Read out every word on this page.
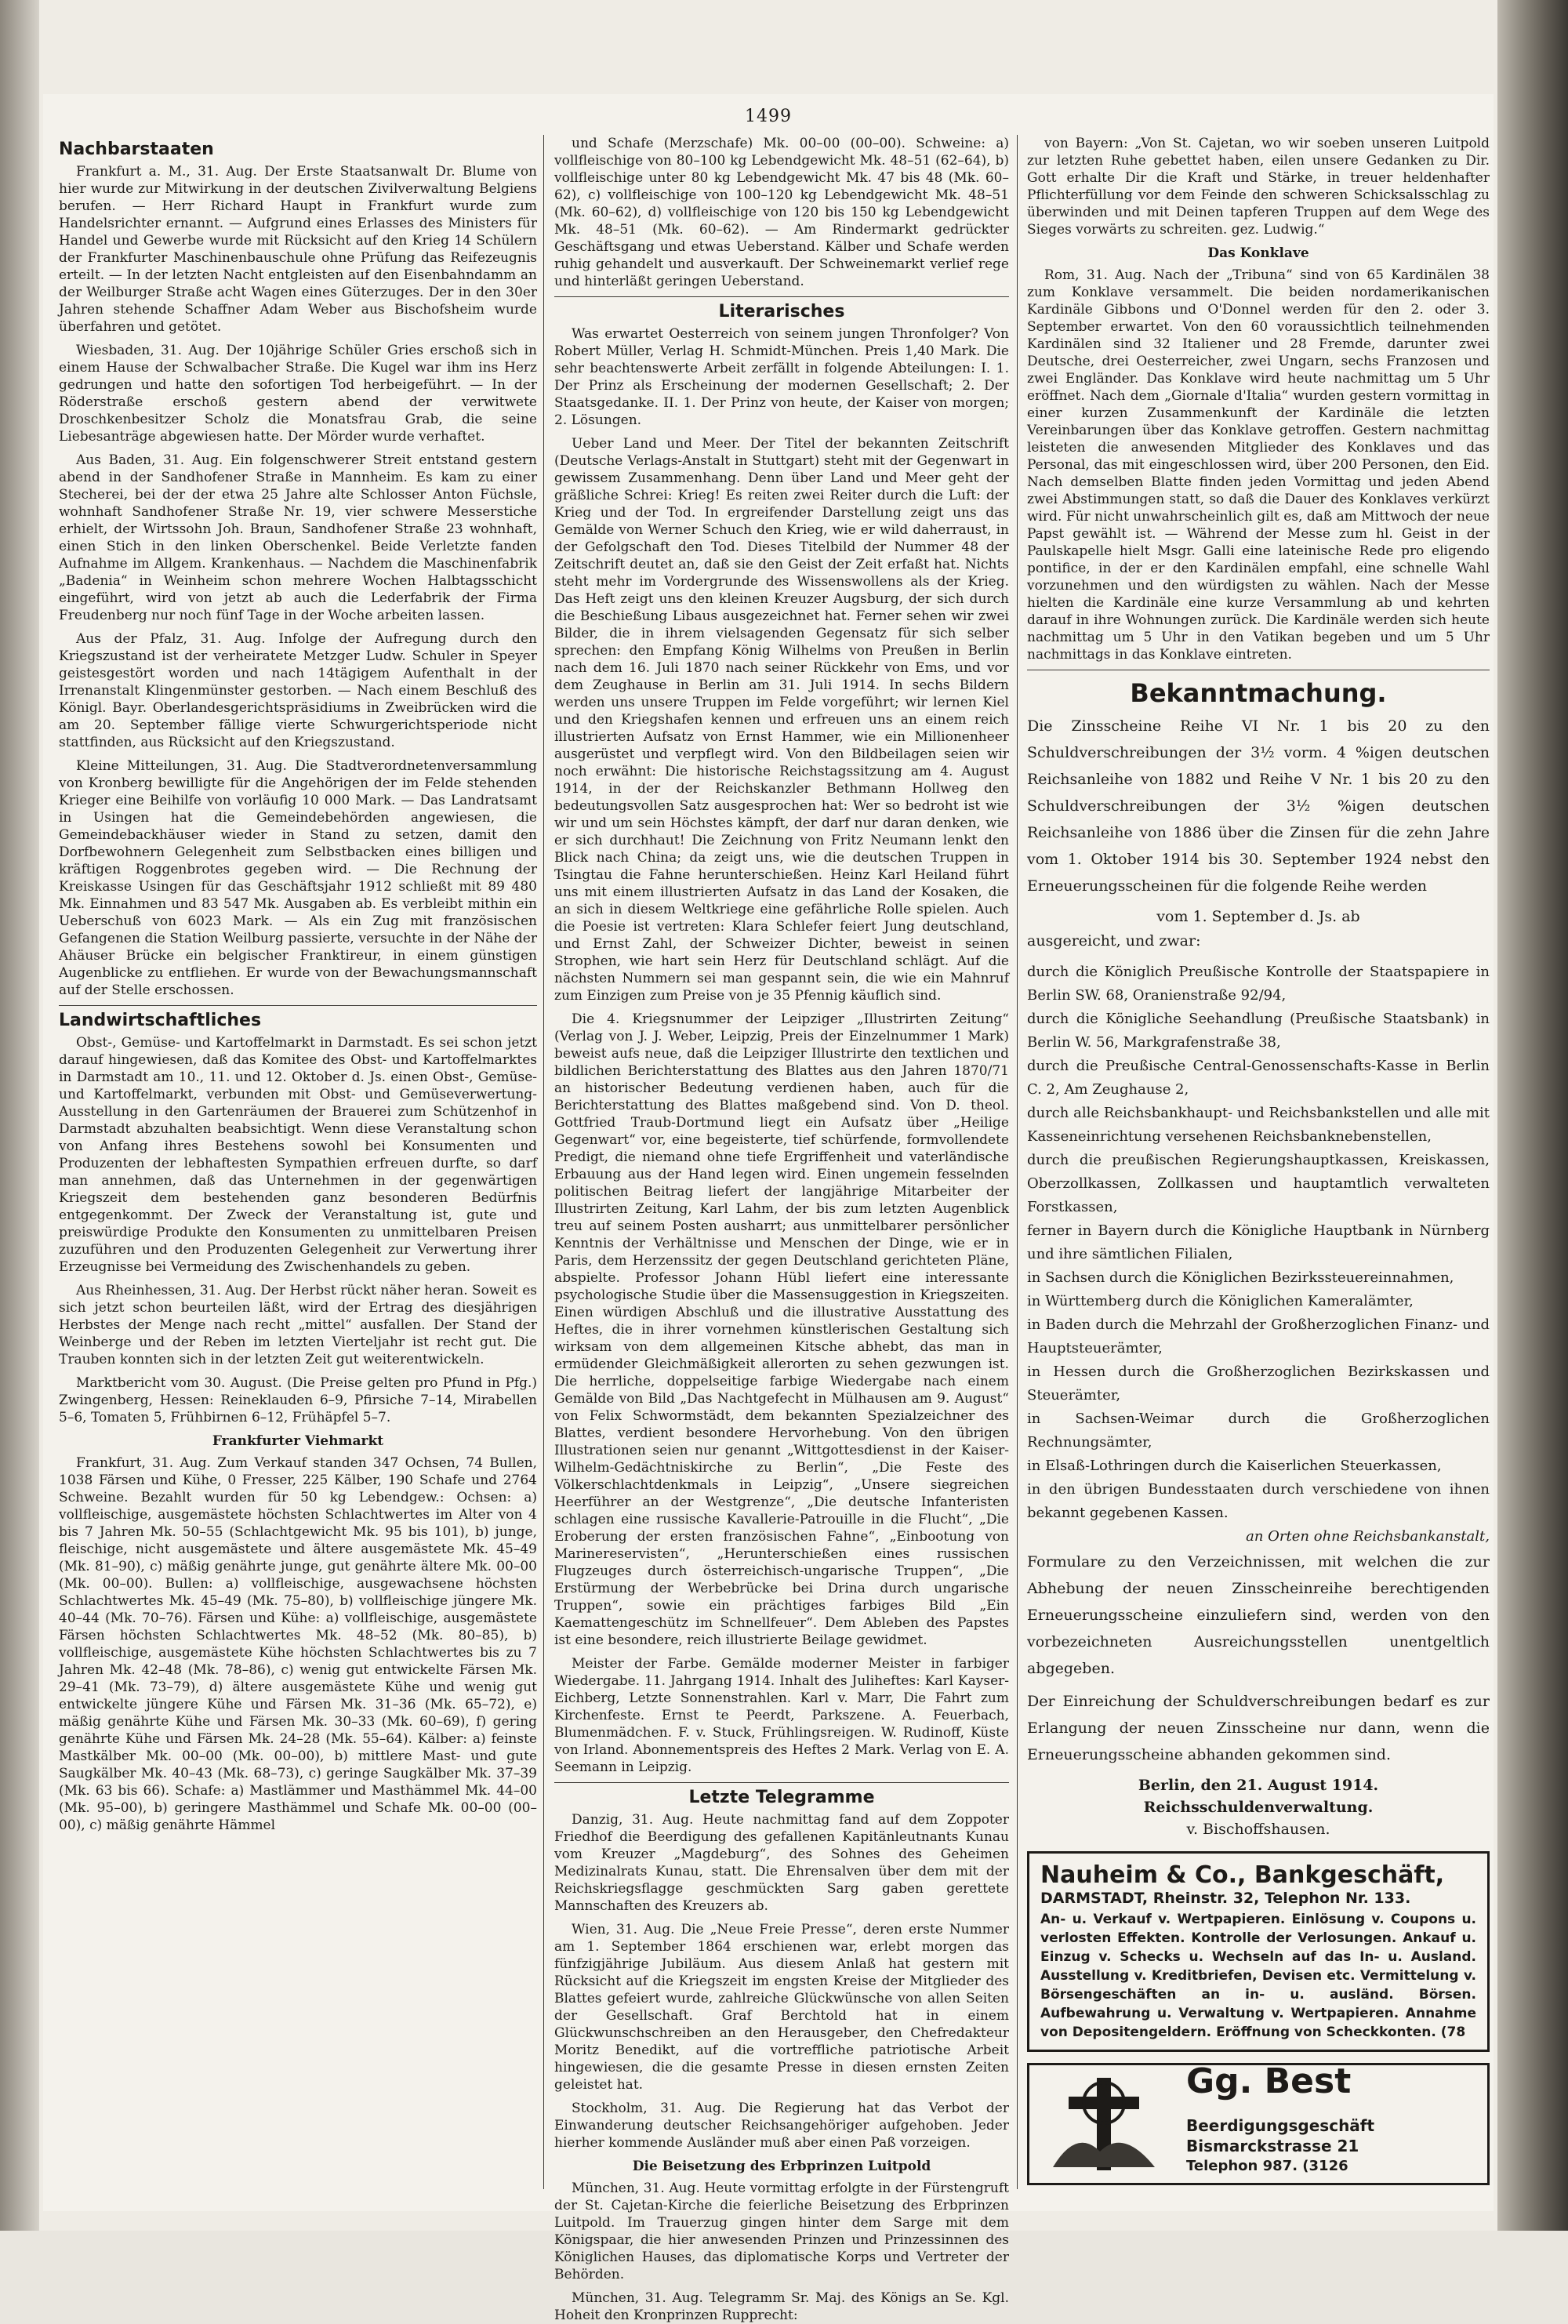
1499
Nachbarstaaten

Frankfurt a. M., 31. Aug. Der Erste Staatsanwalt Dr. Blume von hier wurde zur Mitwirkung in der deutschen Zivilverwaltung Belgiens berufen. — Herr Richard Haupt in Frankfurt wurde zum Handelsrichter ernannt. — Aufgrund eines Erlasses des Ministers für Handel und Gewerbe wurde mit Rücksicht auf den Krieg 14 Schülern der Frankfurter Maschinenbauschule ohne Prüfung das Reifezeugnis erteilt. — In der letzten Nacht entgleisten auf den Eisenbahndamm an der Weilburger Straße acht Wagen eines Güterzuges. Der in den 30er Jahren stehende Schaffner Adam Weber aus Bischofsheim wurde überfahren und getötet.

Wiesbaden, 31. Aug. Der 10jährige Schüler Gries erschoß sich in einem Hause der Schwalbacher Straße. Die Kugel war ihm ins Herz gedrungen und hatte den sofortigen Tod herbeigeführt. — In der Röderstraße erschoß gestern abend der verwitwete Droschkenbesitzer Scholz die Monatsfrau Grab, die seine Liebesanträge abgewiesen hatte. Der Mörder wurde verhaftet.

Aus Baden, 31. Aug. Ein folgenschwerer Streit entstand gestern abend in der Sandhofener Straße in Mannheim. Es kam zu einer Stecherei, bei der der etwa 25 Jahre alte Schlosser Anton Füchsle, wohnhaft Sandhofener Straße Nr. 19, vier schwere Messerstiche erhielt, der Wirtssohn Joh. Braun, Sandhofener Straße 23 wohnhaft, einen Stich in den linken Oberschenkel. Beide Verletzte fanden Aufnahme im Allgem. Krankenhaus. — Nachdem die Maschinenfabrik „Badenia“ in Weinheim schon mehrere Wochen Halbtagsschicht eingeführt, wird von jetzt ab auch die Lederfabrik der Firma Freudenberg nur noch fünf Tage in der Woche arbeiten lassen.

Aus der Pfalz, 31. Aug. Infolge der Aufregung durch den Kriegszustand ist der verheiratete Metzger Ludw. Schuler in Speyer geistesgestört worden und nach 14tägigem Aufenthalt in der Irrenanstalt Klingenmünster gestorben. — Nach einem Beschluß des Königl. Bayr. Oberlandesgerichtspräsidiums in Zweibrücken wird die am 20. September fällige vierte Schwurgerichtsperiode nicht stattfinden, aus Rücksicht auf den Kriegszustand.

Kleine Mitteilungen, 31. Aug. Die Stadtverordnetenversammlung von Kronberg bewilligte für die Angehörigen der im Felde stehenden Krieger eine Beihilfe von vorläufig 10 000 Mark. — Das Landratsamt in Usingen hat die Gemeindebehörden angewiesen, die Gemeindebackhäuser wieder in Stand zu setzen, damit den Dorfbewohnern Gelegenheit zum Selbstbacken eines billigen und kräftigen Roggenbrotes gegeben wird. — Die Rechnung der Kreiskasse Usingen für das Geschäftsjahr 1912 schließt mit 89 480 Mk. Einnahmen und 83 547 Mk. Ausgaben ab. Es verbleibt mithin ein Ueberschuß von 6023 Mark. — Als ein Zug mit französischen Gefangenen die Station Weilburg passierte, versuchte in der Nähe der Ahäuser Brücke ein belgischer Franktireur, in einem günstigen Augenblicke zu entfliehen. Er wurde von der Bewachungsmannschaft auf der Stelle erschossen.

Landwirtschaftliches

Obst-, Gemüse- und Kartoffelmarkt in Darmstadt. Es sei schon jetzt darauf hingewiesen, daß das Komitee des Obst- und Kartoffelmarktes in Darmstadt am 10., 11. und 12. Oktober d. Js. einen Obst-, Gemüse- und Kartoffelmarkt, verbunden mit Obst- und Gemüseverwertung-Ausstellung in den Gartenräumen der Brauerei zum Schützenhof in Darmstadt abzuhalten beabsichtigt. Wenn diese Veranstaltung schon von Anfang ihres Bestehens sowohl bei Konsumenten und Produzenten der lebhaftesten Sympathien erfreuen durfte, so darf man annehmen, daß das Unternehmen in der gegenwärtigen Kriegszeit dem bestehenden ganz besonderen Bedürfnis entgegenkommt. Der Zweck der Veranstaltung ist, gute und preiswürdige Produkte den Konsumenten zu unmittelbaren Preisen zuzuführen und den Produzenten Gelegenheit zur Verwertung ihrer Erzeugnisse bei Vermeidung des Zwischenhandels zu geben.

Aus Rheinhessen, 31. Aug. Der Herbst rückt näher heran. Soweit es sich jetzt schon beurteilen läßt, wird der Ertrag des diesjährigen Herbstes der Menge nach recht „mittel“ ausfallen. Der Stand der Weinberge und der Reben im letzten Vierteljahr ist recht gut. Die Trauben konnten sich in der letzten Zeit gut weiterentwickeln.

Marktbericht vom 30. August. (Die Preise gelten pro Pfund in Pfg.) Zwingenberg, Hessen: Reineklauden 6–9, Pfirsiche 7–14, Mirabellen 5–6, Tomaten 5, Frühbirnen 6–12, Frühäpfel 5–7.

Frankfurter Viehmarkt

Frankfurt, 31. Aug. Zum Verkauf standen 347 Ochsen, 74 Bullen, 1038 Färsen und Kühe, 0 Fresser, 225 Kälber, 190 Schafe und 2764 Schweine. Bezahlt wurden für 50 kg Lebendgew.: Ochsen: a) vollfleischige, ausgemästete höchsten Schlachtwertes im Alter von 4 bis 7 Jahren Mk. 50–55 (Schlachtgewicht Mk. 95 bis 101), b) junge, fleischige, nicht ausgemästete und ältere ausgemästete Mk. 45–49 (Mk. 81–90), c) mäßig genährte junge, gut genährte ältere Mk. 00–00 (Mk. 00–00). Bullen: a) vollfleischige, ausgewachsene höchsten Schlachtwertes Mk. 45–49 (Mk. 75–80), b) vollfleischige jüngere Mk. 40–44 (Mk. 70–76). Färsen und Kühe: a) vollfleischige, ausgemästete Färsen höchsten Schlachtwertes Mk. 48–52 (Mk. 80–85), b) vollfleischige, ausgemästete Kühe höchsten Schlachtwertes bis zu 7 Jahren Mk. 42–48 (Mk. 78–86), c) wenig gut entwickelte Färsen Mk. 29–41 (Mk. 73–79), d) ältere ausgemästete Kühe und wenig gut entwickelte jüngere Kühe und Färsen Mk. 31–36 (Mk. 65–72), e) mäßig genährte Kühe und Färsen Mk. 30–33 (Mk. 60–69), f) gering genährte Kühe und Färsen Mk. 24–28 (Mk. 55–64). Kälber: a) feinste Mastkälber Mk. 00–00 (Mk. 00–00), b) mittlere Mast- und gute Saugkälber Mk. 40–43 (Mk. 68–73), c) geringe Saugkälber Mk. 37–39 (Mk. 63 bis 66). Schafe: a) Mastlämmer und Masthämmel Mk. 44–00 (Mk. 95–00), b) geringere Masthämmel und Schafe Mk. 00–00 (00–00), c) mäßig genährte Hämmel

und Schafe (Merzschafe) Mk. 00–00 (00–00). Schweine: a) vollfleischige von 80–100 kg Lebendgewicht Mk. 48–51 (62–64), b) vollfleischige unter 80 kg Lebendgewicht Mk. 47 bis 48 (Mk. 60–62), c) vollfleischige von 100–120 kg Lebendgewicht Mk. 48–51 (Mk. 60–62), d) vollfleischige von 120 bis 150 kg Lebendgewicht Mk. 48–51 (Mk. 60–62). — Am Rindermarkt gedrückter Geschäftsgang und etwas Ueberstand. Kälber und Schafe werden ruhig gehandelt und ausverkauft. Der Schweinemarkt verlief rege und hinterläßt geringen Ueberstand.

Literarisches

Was erwartet Oesterreich von seinem jungen Thronfolger? Von Robert Müller, Verlag H. Schmidt-München. Preis 1,40 Mark. Die sehr beachtenswerte Arbeit zerfällt in folgende Abteilungen: I. 1. Der Prinz als Erscheinung der modernen Gesellschaft; 2. Der Staatsgedanke. II. 1. Der Prinz von heute, der Kaiser von morgen; 2. Lösungen.

Ueber Land und Meer. Der Titel der bekannten Zeitschrift (Deutsche Verlags-Anstalt in Stuttgart) steht mit der Gegenwart in gewissem Zusammenhang. Denn über Land und Meer geht der gräßliche Schrei: Krieg! Es reiten zwei Reiter durch die Luft: der Krieg und der Tod. In ergreifender Darstellung zeigt uns das Gemälde von Werner Schuch den Krieg, wie er wild daherraust, in der Gefolgschaft den Tod. Dieses Titelbild der Nummer 48 der Zeitschrift deutet an, daß sie den Geist der Zeit erfaßt hat. Nichts steht mehr im Vordergrunde des Wissenswollens als der Krieg. Das Heft zeigt uns den kleinen Kreuzer Augsburg, der sich durch die Beschießung Libaus ausgezeichnet hat. Ferner sehen wir zwei Bilder, die in ihrem vielsagenden Gegensatz für sich selber sprechen: den Empfang König Wilhelms von Preußen in Berlin nach dem 16. Juli 1870 nach seiner Rückkehr von Ems, und vor dem Zeughause in Berlin am 31. Juli 1914. In sechs Bildern werden uns unsere Truppen im Felde vorgeführt; wir lernen Kiel und den Kriegshafen kennen und erfreuen uns an einem reich illustrierten Aufsatz von Ernst Hammer, wie ein Millionenheer ausgerüstet und verpflegt wird. Von den Bildbeilagen seien wir noch erwähnt: Die historische Reichstagssitzung am 4. August 1914, in der der Reichskanzler Bethmann Hollweg den bedeutungsvollen Satz ausgesprochen hat: Wer so bedroht ist wie wir und um sein Höchstes kämpft, der darf nur daran denken, wie er sich durchhaut! Die Zeichnung von Fritz Neumann lenkt den Blick nach China; da zeigt uns, wie die deutschen Truppen in Tsingtau die Fahne herunterschießen. Heinz Karl Heiland führt uns mit einem illustrierten Aufsatz in das Land der Kosaken, die an sich in diesem Weltkriege eine gefährliche Rolle spielen. Auch die Poesie ist vertreten: Klara Schlefer feiert Jung deutschland, und Ernst Zahl, der Schweizer Dichter, beweist in seinen Strophen, wie hart sein Herz für Deutschland schlägt. Auf die nächsten Nummern sei man gespannt sein, die wie ein Mahnruf zum Einzigen zum Preise von je 35 Pfennig käuflich sind.

Die 4. Kriegsnummer der Leipziger „Illustrirten Zeitung“ (Verlag von J. J. Weber, Leipzig, Preis der Einzelnummer 1 Mark) beweist aufs neue, daß die Leipziger Illustrirte den textlichen und bildlichen Berichterstattung des Blattes aus den Jahren 1870/71 an historischer Bedeutung verdienen haben, auch für die Berichterstattung des Blattes maßgebend sind. Von D. theol. Gottfried Traub-Dortmund liegt ein Aufsatz über „Heilige Gegenwart“ vor, eine begeisterte, tief schürfende, formvollendete Predigt, die niemand ohne tiefe Ergriffenheit und vaterländische Erbauung aus der Hand legen wird. Einen ungemein fesselnden politischen Beitrag liefert der langjährige Mitarbeiter der Illustrirten Zeitung, Karl Lahm, der bis zum letzten Augenblick treu auf seinem Posten ausharrt; aus unmittelbarer persönlicher Kenntnis der Verhältnisse und Menschen der Dinge, wie er in Paris, dem Herzenssitz der gegen Deutschland gerichteten Pläne, abspielte. Professor Johann Hübl liefert eine interessante psychologische Studie über die Massensuggestion in Kriegszeiten. Einen würdigen Abschluß und die illustrative Ausstattung des Heftes, die in ihrer vornehmen künstlerischen Gestaltung sich wirksam von dem allgemeinen Kitsche abhebt, das man in ermüdender Gleichmäßigkeit allerorten zu sehen gezwungen ist. Die herrliche, doppelseitige farbige Wiedergabe nach einem Gemälde von Bild „Das Nachtgefecht in Mülhausen am 9. August“ von Felix Schwormstädt, dem bekannten Spezialzeichner des Blattes, verdient besondere Hervorhebung. Von den übrigen Illustrationen seien nur genannt „Wittgottesdienst in der Kaiser-Wilhelm-Gedächtniskirche zu Berlin“, „Die Feste des Völkerschlachtdenkmals in Leipzig“, „Unsere siegreichen Heerführer an der Westgrenze“, „Die deutsche Infanteristen schlagen eine russische Kavallerie-Patrouille in die Flucht“, „Die Eroberung der ersten französischen Fahne“, „Einbootung von Marinereservisten“, „Herunterschießen eines russischen Flugzeuges durch österreichisch-ungarische Truppen“, „Die Erstürmung der Werbebrücke bei Drina durch ungarische Truppen“, sowie ein prächtiges farbiges Bild „Ein Kaemattengeschütz im Schnellfeuer“. Dem Ableben des Papstes ist eine besondere, reich illustrierte Beilage gewidmet.

Meister der Farbe. Gemälde moderner Meister in farbiger Wiedergabe. 11. Jahrgang 1914. Inhalt des Juliheftes: Karl Kayser-Eichberg, Letzte Sonnenstrahlen. Karl v. Marr, Die Fahrt zum Kirchenfeste. Ernst te Peerdt, Parkszene. A. Feuerbach, Blumenmädchen. F. v. Stuck, Frühlingsreigen. W. Rudinoff, Küste von Irland. Abonnementspreis des Heftes 2 Mark. Verlag von E. A. Seemann in Leipzig.

Letzte Telegramme

Danzig, 31. Aug. Heute nachmittag fand auf dem Zoppoter Friedhof die Beerdigung des gefallenen Kapitänleutnants Kunau vom Kreuzer „Magdeburg“, des Sohnes des Geheimen Medizinalrats Kunau, statt. Die Ehrensalven über dem mit der Reichskriegsflagge geschmückten Sarg gaben gerettete Mannschaften des Kreuzers ab.

Wien, 31. Aug. Die „Neue Freie Presse“, deren erste Nummer am 1. September 1864 erschienen war, erlebt morgen das fünfzigjährige Jubiläum. Aus diesem Anlaß hat gestern mit Rücksicht auf die Kriegszeit im engsten Kreise der Mitglieder des Blattes gefeiert wurde, zahlreiche Glückwünsche von allen Seiten der Gesellschaft. Graf Berchtold hat in einem Glückwunschschreiben an den Herausgeber, den Chefredakteur Moritz Benedikt, auf die vortreffliche patriotische Arbeit hingewiesen, die die gesamte Presse in diesen ernsten Zeiten geleistet hat.

Stockholm, 31. Aug. Die Regierung hat das Verbot der Einwanderung deutscher Reichsangehöriger aufgehoben. Jeder hierher kommende Ausländer muß aber einen Paß vorzeigen.

Die Beisetzung des Erbprinzen Luitpold

München, 31. Aug. Heute vormittag erfolgte in der Fürstengruft der St. Cajetan-Kirche die feierliche Beisetzung des Erbprinzen Luitpold. Im Trauerzug gingen hinter dem Sarge mit dem Königspaar, die hier anwesenden Prinzen und Prinzessinnen des Königlichen Hauses, das diplomatische Korps und Vertreter der Behörden.

München, 31. Aug. Telegramm Sr. Maj. des Königs an Se. Kgl. Hoheit den Kronprinzen Rupprecht:

von Bayern: „Von St. Cajetan, wo wir soeben unseren Luitpold zur letzten Ruhe gebettet haben, eilen unsere Gedanken zu Dir. Gott erhalte Dir die Kraft und Stärke, in treuer heldenhafter Pflichterfüllung vor dem Feinde den schweren Schicksalsschlag zu überwinden und mit Deinen tapferen Truppen auf dem Wege des Sieges vorwärts zu schreiten. gez. Ludwig.“

Das Konklave

Rom, 31. Aug. Nach der „Tribuna“ sind von 65 Kardinälen 38 zum Konklave versammelt. Die beiden nordamerikanischen Kardinäle Gibbons und O'Donnel werden für den 2. oder 3. September erwartet. Von den 60 voraussichtlich teilnehmenden Kardinälen sind 32 Italiener und 28 Fremde, darunter zwei Deutsche, drei Oesterreicher, zwei Ungarn, sechs Franzosen und zwei Engländer. Das Konklave wird heute nachmittag um 5 Uhr eröffnet. Nach dem „Giornale d'Italia“ wurden gestern vormittag in einer kurzen Zusammenkunft der Kardinäle die letzten Vereinbarungen über das Konklave getroffen. Gestern nachmittag leisteten die anwesenden Mitglieder des Konklaves und das Personal, das mit eingeschlossen wird, über 200 Personen, den Eid. Nach demselben Blatte finden jeden Vormittag und jeden Abend zwei Abstimmungen statt, so daß die Dauer des Konklaves verkürzt wird. Für nicht unwahrscheinlich gilt es, daß am Mittwoch der neue Papst gewählt ist. — Während der Messe zum hl. Geist in der Paulskapelle hielt Msgr. Galli eine lateinische Rede pro eligendo pontifice, in der er den Kardinälen empfahl, eine schnelle Wahl vorzunehmen und den würdigsten zu wählen. Nach der Messe hielten die Kardinäle eine kurze Versammlung ab und kehrten darauf in ihre Wohnungen zurück. Die Kardinäle werden sich heute nachmittag um 5 Uhr in den Vatikan begeben und um 5 Uhr nachmittags in das Konklave eintreten.

Bekanntmachung.

Die Zinsscheine Reihe VI Nr. 1 bis 20 zu den Schuldverschreibungen der 3½ vorm. 4 %igen deutschen Reichsanleihe von 1882 und Reihe V Nr. 1 bis 20 zu den Schuldverschreibungen der 3½ %igen deutschen Reichsanleihe von 1886 über die Zinsen für die zehn Jahre vom 1. Oktober 1914 bis 30. September 1924 nebst den Erneuerungsscheinen für die folgende Reihe werden

vom 1. September d. Js. ab

ausgereicht, und zwar:

durch die Königlich Preußische Kontrolle der Staatspapiere in Berlin SW. 68, Oranienstraße 92/94,
durch die Königliche Seehandlung (Preußische Staatsbank) in Berlin W. 56, Markgrafenstraße 38,
durch die Preußische Central-Genossenschafts-Kasse in Berlin C. 2, Am Zeughause 2,
durch alle Reichsbankhaupt- und Reichsbankstellen und alle mit Kasseneinrichtung versehenen Reichsbanknebenstellen,
durch die preußischen Regierungshauptkassen, Kreiskassen, Oberzollkassen, Zollkassen und hauptamtlich verwalteten Forstkassen,
ferner in Bayern durch die Königliche Hauptbank in Nürnberg und ihre sämtlichen Filialen,
in Sachsen durch die Königlichen Bezirkssteuereinnahmen,
in Württemberg durch die Königlichen Kameralämter,
in Baden durch die Mehrzahl der Großherzoglichen Finanz- und Hauptsteuerämter,
in Hessen durch die Großherzoglichen Bezirkskassen und Steuerämter,
in Sachsen-Weimar durch die Großherzoglichen Rechnungsämter,
in Elsaß-Lothringen durch die Kaiserlichen Steuerkassen,
in den übrigen Bundesstaaten durch verschiedene von ihnen bekannt gegebenen Kassen.
an Orten ohne Reichsbankanstalt,

Formulare zu den Verzeichnissen, mit welchen die zur Abhebung der neuen Zinsscheinreihe berechtigenden Erneuerungsscheine einzuliefern sind, werden von den vorbezeichneten Ausreichungsstellen unentgeltlich abgegeben.

Der Einreichung der Schuldverschreibungen bedarf es zur Erlangung der neuen Zinsscheine nur dann, wenn die Erneuerungsscheine abhanden gekommen sind.

Berlin, den 21. August 1914.
Reichsschuldenverwaltung.
v. Bischoffshausen.
Nauheim & Co., Bankgeschäft,
DARMSTADT, Rheinstr. 32, Telephon Nr. 133.
An- u. Verkauf v. Wertpapieren. Einlösung v. Coupons u. verlosten Effekten. Kontrolle der Verlosungen. Ankauf u. Einzug v. Schecks u. Wechseln auf das In- u. Ausland. Ausstellung v. Kreditbriefen, Devisen etc. Vermittelung v. Börsengeschäften an in- u. ausländ. Börsen. Aufbewahrung u. Verwaltung v. Wertpapieren. Annahme von Depositengeldern. Eröffnung von Scheckkonten. (78
Gg. Best
Beerdigungsgeschäft
Bismarckstrasse 21
Telephon 987. (3126
